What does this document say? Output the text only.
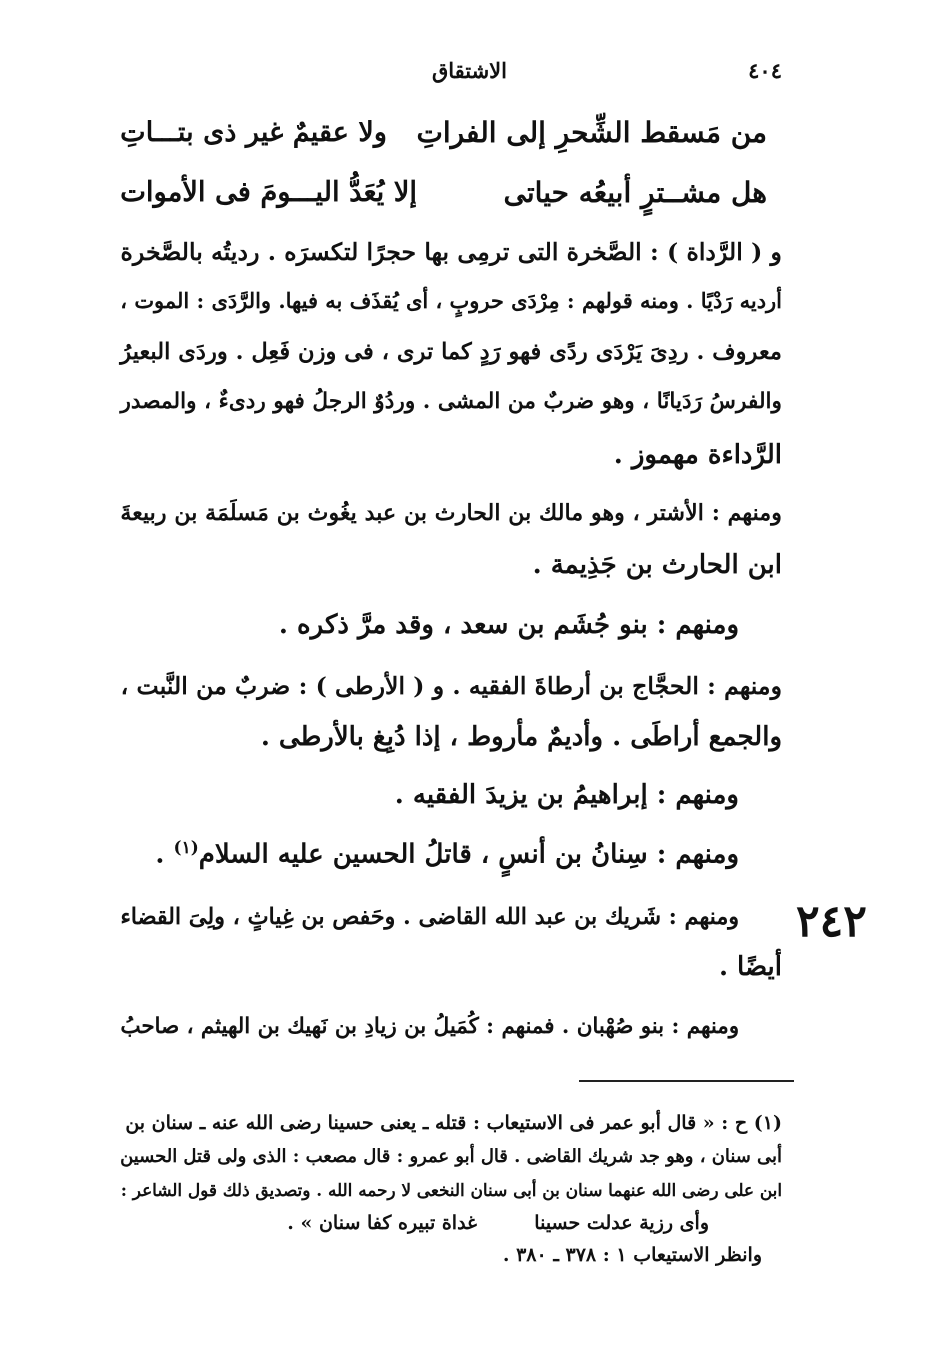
٤٠٤
الاشتقاق
من مَسقط الشِّحرِ إلى الفراتِ
ولا عقيمٌ غير ذى بتـــاتِ
هل مشــترٍ أبيعُه حياتى
إلا يُعَدُّ اليـــومَ فى الأموات
و ( الرَّداة ) : الصَّخرة التى ترمِى بها حجرًا لتكسرَه . رديتُه بالصَّخرة
أرديه رَدْيًا . ومنه قولهم : مِرْدَى حروبٍ ، أى يُقذَف به فيها. والرَّدَى : الموت ،
معروف . ردِىَ يَرْدَى ردًى فهو رَدٍ كما ترى ، فى وزن فَعِل . وردَى البعيرُ
والفرسُ رَدَيانًا ، وهو ضربٌ من المشى . وردُوٌ الرجلُ فهو ردىءٌ ، والمصدر
الرَّداءة مهموز .
ومنهم : الأشتر ، وهو مالك بن الحارث بن عبد يغُوث بن مَسلَمَة بن ربيعةَ
ابن الحارث بن جَذِيمة .
ومنهم : بنو جُشَم بن سعد ، وقد مرَّ ذكره .
ومنهم : الحجَّاج بن أرطاةَ الفقيه . و ( الأرطى ) : ضربٌ من النَّبت ،
والجمع أراطَى . وأديمٌ مأروط ، إذا دُبِغ بالأرطى .
ومنهم : إبراهيمُ بن يزيدَ الفقيه .
ومنهم : سِنانُ بن أنسٍ ، قاتلُ الحسين عليه السلام$^{(١)}$ .
٢٤٢
ومنهم : شَريك بن عبد الله القاضى . وحَفص بن غِياثٍ ، ولِىَ القضاء
أيضًا .
ومنهم : بنو صُهْبان . فمنهم : كُمَيلُ بن زيادِ بن نَهيك بن الهيثم ، صاحبُ
(١) ح : « قال أبو عمر فى الاستيعاب : قتله ـ يعنى حسينا رضى الله عنه ـ سنان بن
أبى سنان ، وهو جد شريك القاضى . قال أبو عمرو : قال مصعب : الذى ولى قتل الحسين
ابن على رضى الله عنهما سنان بن أبى سنان النخعى لا رحمه الله . وتصديق ذلك قول الشاعر :
وأى رزية عدلت حسينا
غداة تبيره كفا سنان » .
وانظر الاستيعاب ١ : ٣٧٨ ـ ٣٨٠ .
